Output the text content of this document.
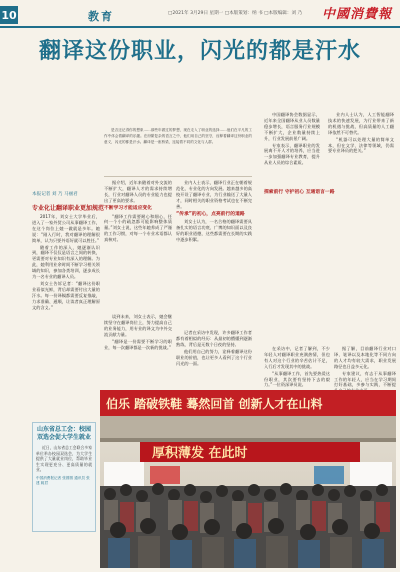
10	教育	□2021年 3月29日 星期一 □本版策划：纳 书 □本版编辑：刘 乃 中國消費報
翻译这份职业，闪光的都是汗水
是否还记得你的想象……那些年做过的梦想，现在走入了职业的选择……他们在平凡的工作中体会着翻译的乐趣。在纷繁复杂的语言之中，他们用自己的坚守，诠释着翻译这份职业的意义，闪光的都是汗水。翻译是一座桥梁，连接着不同的文化与人群。
本报记者 刘 乃 马丽君
专业化让翻译职业更加规范

2017年，刘女士大学毕业后，进入了一家外贸公司从事翻译工作，在这个岗位上她一做就是多年。她说：“刚入行时，我对翻译的理解很简单，认为只要外语好就可以胜任。”

随着工作的深入，她逐渐认识到，翻译不仅仅是语言之间的转换，更需要对专业知识有深入的理解。为此，她利用业余时间不断学习相关领域的知识，参加各类培训，逐步成长为一名专业的翻译人员。

刘女士告诉记者：“翻译这份职业看似光鲜，背后却需要付出大量的汗水。每一份译稿都需要反复推敲，力求准确、通顺，让读者真正理解原文的含义。”

据介绍，近年来随着对外交流的不断扩大，翻译人才的需求持续增长，行业对翻译人员的专业能力也提出了更高的要求。

不断学习才能适应变化

“翻译工作需要耐心和细心，任何一个小的疏忽都可能影响整体质量。”刘女士说，这些年她养成了严谨的工作习惯，对每一个专业术语都认真核对。

业内人士表示，翻译行业正在朝着规范化、专业化的方向发展。越来越多的高校开设了翻译专业，为行业输送了大量人才，同时相关的职业资格考试也在不断完善。

“传承”的初心，点亮前行的道路

刘女士认为，一名合格的翻译需要具备扎实的语言功底、广博的知识面以及良好的职业道德，这些都需要在长期的实践中逐步积累。

谈到未来，刘女士表示，她会继续坚守在翻译岗位上，努力提高自己的业务能力，用专业的译文为中外交流贡献力量。

“翻译是一份需要不断学习的职业，每一次翻译都是一次新的挑战。”

记者在采访中发现，许多翻译工作者都有着相似的经历：从最初的懵懂到逐渐熟练，背后是无数个日夜的坚持。

他们用自己的努力，诠释着翻译这份职业的价值，也让更多人看到了这个行业闪光的一面。

中国翻译协会数据显示，近年来全国翻译从业人员数量稳步增长，语言服务行业规模不断扩大，企业数量持续上升，行业发展前景广阔。

专家表示，翻译职业的发展离不开人才的培养，应当进一步加强翻译专业教育，提升从业人员的综合素质。

业内人士认为，人工智能翻译技术的快速发展，为行业带来了新的机遇与挑战，但高质量的人工翻译依然不可替代。

“机器可以处理大量的简单文本，但在文学、法律等领域，仍需要专业译员的把关。”

探索前行 守护初心 互通语言一路

在采访中，记者了解到，不少年轻人对翻译职业充满热情，但也有人对这个行业的辛苦估计不足，入行后才发现其中的挑战。

“从事翻译工作，首先要热爱这份职业，其次要有坚持下去的毅力。”一位资深译员说。

据了解，目前翻译行业对口译、笔译以及本地化等不同方向的人才均有较大需求，职业发展路径也日益多元化。

专家建议，有志于从事翻译工作的年轻人，应当在学习期间打好基础，多参与实践，不断提

伯乐 踏破铁鞋 蓦然回首 创新人才在山料
厚积薄发 在此时
山东省总工会：校园双选会促大学生就业
近日，山东省总工会联合多家单位举办校园双选会，为大学生提供了大量就业岗位，帮助毕业生实现更充分、更高质量的就业。
中国消费报记者 张圆圆 通讯员 张建 姚君
